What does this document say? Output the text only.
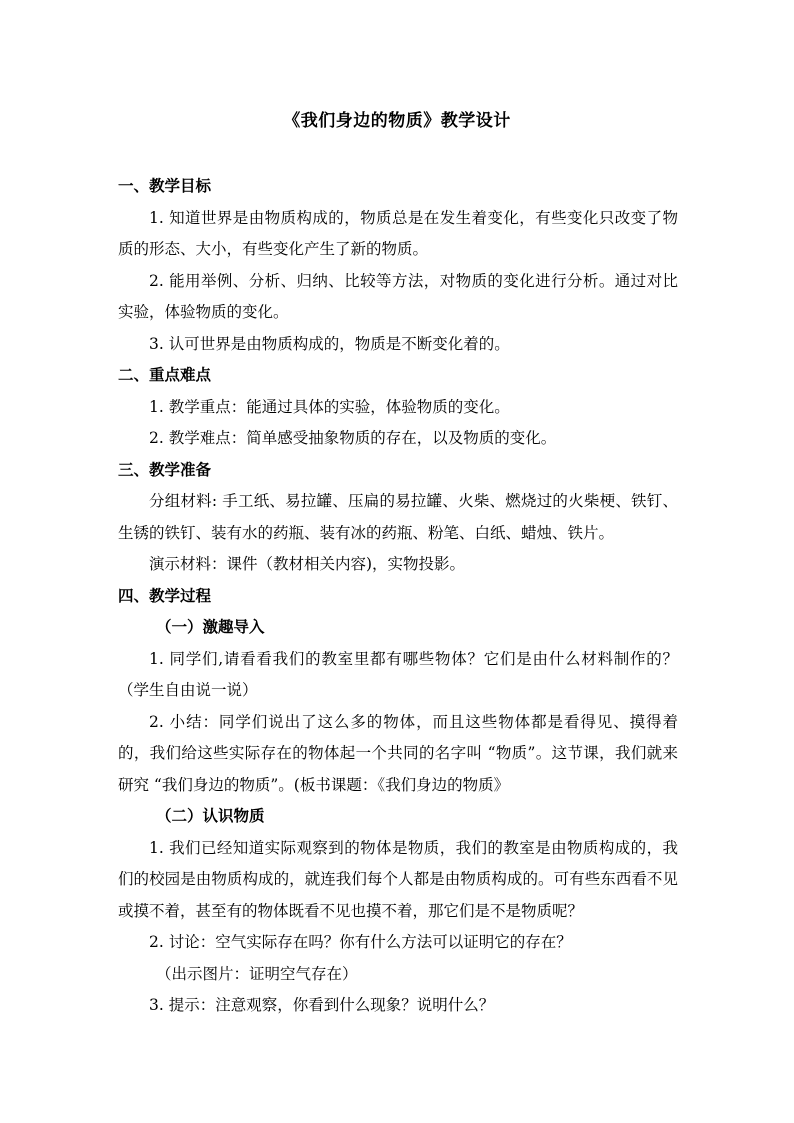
《我们身边的物质》教学设计

一、教学目标

1. 知道世界是由物质构成的，物质总是在发生着变化，有些变化只改变了物质的形态、大小，有些变化产生了新的物质。

2. 能用举例、分析、归纳、比较等方法，对物质的变化进行分析。通过对比实验，体验物质的变化。

3. 认可世界是由物质构成的，物质是不断变化着的。

二、重点难点

1. 教学重点：能通过具体的实验，体验物质的变化。

2. 教学难点：简单感受抽象物质的存在，以及物质的变化。

三、教学准备

分组材料: 手工纸、易拉罐、压扁的易拉罐、火柴、燃烧过的火柴梗、铁钉、生锈的铁钉、装有水的药瓶、装有冰的药瓶、粉笔、白纸、蜡烛、铁片。

演示材料：课件（教材相关内容)，实物投影。

四、教学过程

（一）激趣导入

1. 同学们,请看看我们的教室里都有哪些物体？它们是由什么材料制作的？（学生自由说一说）

2. 小结：同学们说出了这么多的物体，而且这些物体都是看得见、摸得着的，我们给这些实际存在的物体起一个共同的名字叫 “物质”。这节课，我们就来研究 “我们身边的物质”。(板书课题：《我们身边的物质》

（二）认识物质

1. 我们已经知道实际观察到的物体是物质，我们的教室是由物质构成的，我们的校园是由物质构成的，就连我们每个人都是由物质构成的。可有些东西看不见或摸不着，甚至有的物体既看不见也摸不着，那它们是不是物质呢？

2. 讨论：空气实际存在吗？你有什么方法可以证明它的存在？

（出示图片：证明空气存在）

3. 提示：注意观察，你看到什么现象？说明什么？
